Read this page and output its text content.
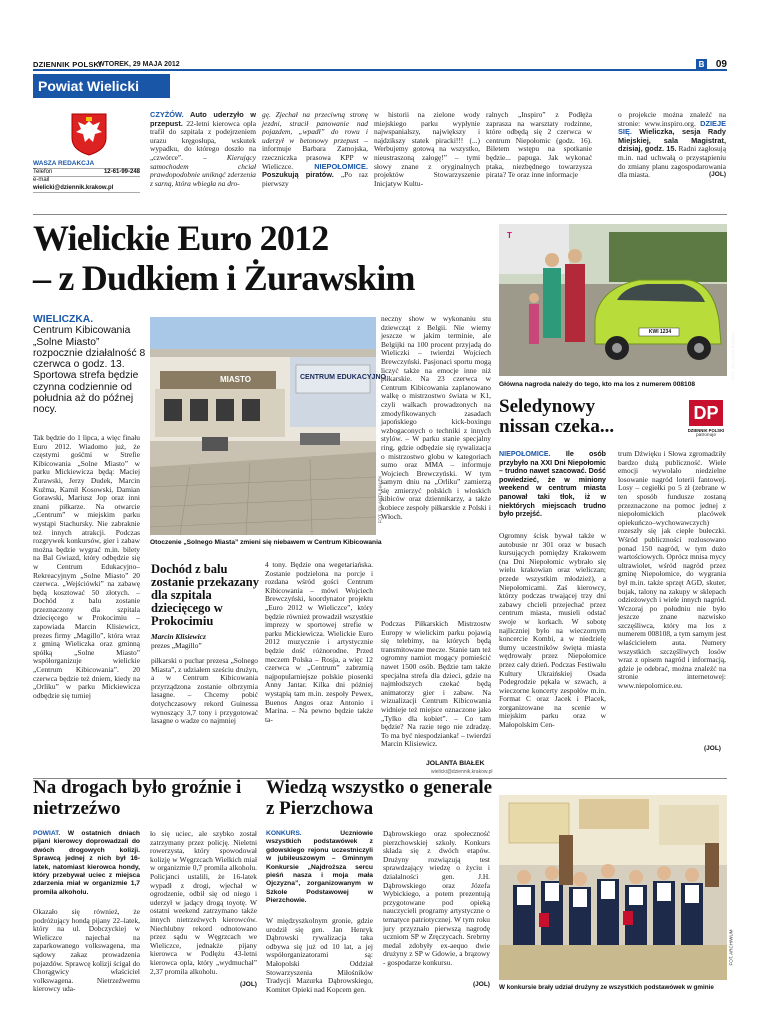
DZIENNIK POLSKI
WTOREK, 29 MAJA 2012	B 09
Powiat Wielicki
WASZA REDAKCJA
Telefon	12-61-99-248
e-mail
wielicki@dziennik.krakow.pl
CZYŻÓW. Auto uderzyło w przepust. 22-letni kierowca opla trafił do szpitala z podejrzeniem urazu kręgosłupa, wskutek wypadku, do którego doszło na „czwórce”. –	Kierujący samochodem chciał prawdopodobnie uniknąć zderzenia z sarną, która wbiegła na dro-
gę. Zjechał na przeciwną stronę jezdni, stracił panowanie nad pojazdem, „wpadł” do rowu i uderzył w betonowy przepust – informuje Barbara Zamojska, rzeczniczka prasowa KPP w Wieliczce.	NIEPOŁOMICE. Poszukują piratów. „Po raz pierwszy
w historii na zielone wody miejskiego parku wypłynie najwspanialszy, największy i najdzikszy statek piracki!!! (...) Werbujemy gotową na wszystko, nieustraszoną załogę!” – tymi słowy znane z oryginalnych projektów Stowarzyszenie Inicjatyw Kultu-
ralnych „Inspiro” z Podłęża zaprasza na warsztaty rodzinne, które odbędą się 2 czerwca w centrum Niepołomic (godz. 16). Biletem wstępu na spotkanie będzie... papuga. Jak wykonać ptaka, niezbędnego towarzysza pirata? Te oraz inne informacje
o projekcie można znaleźć na stronie: www.inspiro.org. DZIEJE SIĘ. Wieliczka, sesja Rady Miejskiej, sala Magistrat, dzisiaj, godz. 15. Radni zagłosują m.in. nad uchwałą o przystąpieniu do zmiany planu zagospodarowania dla miasta.	(JOL)
Wielickie Euro 2012
– z Dudkiem i Żurawskim
WIELICZKA.
Centrum Kibicowania „Solne Miasto” rozpocznie działalność 8 czerwca o godz. 13. Sportowa strefa będzie czynna codziennie od południa aż do późnej nocy.
Tak będzie do 1 lipca, a więc finału Euro 2012. Wiadomo już, że częstymi gośćmi w Strefie Kibicowania „Solne Miasto” w parku Mickiewicza będą: Maciej Żurawski, Jerzy Dudek, Marcin Kuźma, Kamil Kosowski, Damian Gorawski, Mariusz Jop oraz inni znani piłkarze. Na otwarcie „Centrum” w miejskim parku wystąpi Stachursky. Nie zabraknie też innych atrakcji. Podczas rozgrywek konkursów, gier i zabaw można będzie wygrać m.in. bilety na Bal Gwiazd, który odbędzie się w Centrum Edukacyjno–Rekreacyjnym „Solne Miasto” 20 czerwca. „Wejściówki” na zabawę będą kosztować 50 złotych. – Dochód z balu zostanie przeznaczony dla szpitala dziecięcego w Prokocimiu – zapowiada Marcin Klisiewicz, prezes firmy „Magillo”, która wraz z gminą Wieliczka oraz gminną spółką „Solne Miasto” współorganizuje wielickie „Centrum Kibicowania”. 20 czerwca będzie też dniem, kiedy na „Orliku” w parku Mickiewicza odbędzie się turniej
CENTRUM EDUKACYJNO
MIASTO
FOT. JOLANTA BIAŁEK
Otoczenie „Solnego Miasta” zmieni się niebawem w Centrum Kibicowania
Dochód z balu zostanie przekazany dla szpitala dziecięcego w Prokocimiu
Marcin Klisiewicz
prezes „Magillo”
piłkarski o puchar prezesa „Solnego Miasta”, z udziałem sześciu drużyn, a w Centrum Kibicowania przyrządzona zostanie olbrzymia lasagne. – Chcemy pobić dotychczasowy rekord Guinessa wynoszący 3,7 tony i przygotować lasagne o wadze co najmniej
4 tony. Będzie ona wegetariańska. Zostanie podzielona na porcje i rozdana wśród gości Centrum Kibicowania – mówi Wojciech Brewczyński, koordynator projektu „Euro 2012 w Wieliczce”, który będzie również prowadził wszystkie imprezy w sportowej strefie w parku Mickiewicza. Wielickie Euro 2012 muzycznie i artystycznie będzie dość różnorodne. Przed meczem Polska – Rosja, a więc 12 czerwca w „Centrum” zabrzmią najpopularniejsze polskie piosenki Anny Jantar. Kilka dni później wystąpią tam m.in. zespoły Pewex, Buenos Angos oraz Antonio i Marina. – Na pewno będzie także ta-
neczny show w wykonaniu stu dziewcząt z Belgii. Nie wiemy jeszcze w jakim terminie, ale Belgijki na 100 procent przyjadą do Wieliczki – twierdzi Wojciech Brewczyński. Pasjonaci sportu mogą liczyć także na emocje inne niż piłkarskie. Na 23 czerwca w Centrum Kibicowania zaplanowano walkę o mistrzostwo świata w K1, czyli walkach prowadzonych na zmodyfikowanych zasadach japońskiego kick-boxingu wzbogaconych o techniki z innych stylów. – W parku stanie specjalny ring, gdzie odbędzie się rywalizacja o mistrzostwo globu w kategoriach sumo oraz MMA – informuje Wojciech Brewczyński. W tym samym dniu na „Orliku” zamierzą się zmierzyć polskich i włoskich kibiców oraz dziennikarzy, a także kobiece zespoły piłkarskie z Polski i Włoch.
Podczas Piłkarskich Mistrzostw Europy w wielickim parku pojawią się telebimy, na których będą transmitowane mecze. Stanie tam też ogromny namiot mogący pomieścić nawet 1500 osób. Będzie tam także specjalna strefa dla dzieci, gdzie na najmłodszych czekać będą animatorzy gier i zabaw. Na wizualizacji Centrum Kibicowania widnieje też miejsce oznaczone jako „Tylko dla kobiet”. – Co tam będzie? Na razie tego nie zdradzę. To ma być niespodzianka! – twierdzi Marcin Klisiewicz.
JOLANTA BIAŁEK
wielicki@dziennik.krakow.pl
T
KWI 1234
FOT. JOLANTA BIAŁEK
Główna nagroda należy do tego, kto ma los z numerem 008108
Seledynowy nissan czeka...
DP
DZIENNIK POLSKI
patronuje
NIEPOŁOMICE. Ile osób przybyło na XXI Dni Niepołomic – trudno nawet szacować. Dość powiedzieć, że w miniony weekend w centrum miasta panował taki tłok, iż w niektórych miejscach trudno było przejść.
Ogromny ścisk bywał także w autobusie nr 301 oraz w busach kursujących pomiędzy Krakowem (na Dni Niepołomic wybrało się wielu krakowian oraz wieliczan; przede wszystkim młodzież), a Niepołomicami. Zaś kierowcy, którzy podczas trwającej trzy dni zabawy chcieli przejechać przez centrum miasta, musieli odstać swoje w korkach. W sobotę najliczniej było na wieczornym koncercie Kombi, a w niedzielę tłumy uczestników święta miasta wędrowały przez Niepołomice przez cały dzień. Podczas Festiwalu Kultury Ukraińskiej Osada Podegrodzie pękała w szwach, a wieczorne koncerty zespołów m.in. Format C oraz Jacek i Placek, zorganizowane na scenie w miejskim parku oraz w Małopolskim Cen-
trum Dźwięku i Słowa zgromadziły bardzo dużą publiczność. Wiele emocji wywołało niedzielne losowanie nagród loterii fantowej. Losy – cegiełki po 5 zł (zebrane w ten sposób fundusze zostaną przeznaczone na pomoc jednej z niepołomickich placówek opiekuńczo–wychowawczych) rozeszły się jak ciepłe bułeczki. Wśród publiczności rozlosowano ponad 150 nagród, w tym dużo wartościowych. Oprócz mnisa mycy ultrawiolet, wśród nagród przez gminę Niepołomice, do wygrania był m.in. także sprzęt AGD, skuter, bujak, talony na zakupy w sklepach odzieżowych i wiele innych nagród. Wczoraj po południu nie było jeszcze znane nazwisko szczęśliwca, który ma los z numerem 008108, a tym samym jest właścicielem auta. Numery wszystkich szczęśliwych losów wraz z opisem nagród i informacją, gdzie je odebrać, można znaleźć na stronie internetowej: www.niepolomice.eu.
(JOL)
Na drogach było groźnie i nietrzeźwo
POWIAT. W ostatnich dniach pijani kierowcy doprowadzali do dwóch drogowych kolizji. Sprawcą jednej z nich był 16-latek, natomiast kierowca hondy, który przebywał uciec z miejsca zdarzenia miał w organizmie 1,7 promila alkoholu.
Okazało się również, że podróżujący hondą pijany 22–latek, który na ul. Dobczyckiej w Wieliczce najechał na zaparkowanego volkswagena, ma sądowy zakaz prowadzenia pojazdów. Sprawcę kolizji ścigał do Chorągwicy właściciel volkswagena. Nietrzeźwemu kierowcy uda-
ło się uciec, ale szybko został zatrzymany przez policję. Nieletni rowerzysta, który spowodował kolizję w Węgrzcach Wielkich miał w organizmie 0,7 promila alkoholu. Policjanci ustalili, że 16-latek wypadł z drogi, wjechał w ogrodzenie, odbił się od niego i uderzył w jadący drogą toyotę. W ostatni weekend zatrzymano także innych nietrzeźwych kierowców. Niechlubny rekord odnotowano przez sądu w Węgrzcach we Wieliczce, jednakże pijany kierowca w Podłężu 43-letni kierowca opla, który „wydmuchał” 2,37 promila alkoholu.
(JOL)
Wiedzą wszystko o generale z Pierzchowa
KONKURS.	Uczniowie wszystkich podstawówek z gdowskiego rejonu uczestniczyli w jubileuszowym – Gminnym Konkursie „Najdroższa sercu pieśń nasza i moja mała Ojczyzna”, zorganizowanym w Szkole Podstawowej w Pierzchowie.
W międzyszkolnym gronie, gdzie urodził się gen. Jan Henryk Dąbrowski rywalizacja taka odbywa się już od 10 lat, a jej współorganizatorami są: Małopolski Oddział Stowarzyszenia Miłośników Tradycji Mazurka Dąbrowskiego, Komitet Opieki nad Kopcem gen.
Dąbrowskiego oraz społeczność pierzchowskiej szkoły. Konkurs składa się z dwóch etapów. Drużyny rozwiązują test sprawdzający wiedzę o życiu i działalności gen. J.H. Dąbrowskiego oraz Józefa Wybickiego, a potem prezentują przygotowane pod opieką nauczycieli programy artystyczne o tematyce patriotycznej. W tym roku jury przyznało pierwszą nagrodę uczniom SP w Zręczycach. Srebrny medal zdobyły ex-aequo dwie drużyny z SP w Gdowie, a brązowy - gospodarze konkursu.
(JOL)
FOT. ARCHIWUM
W konkursie brały udział drużyny ze wszystkich podstawówek w gminie
